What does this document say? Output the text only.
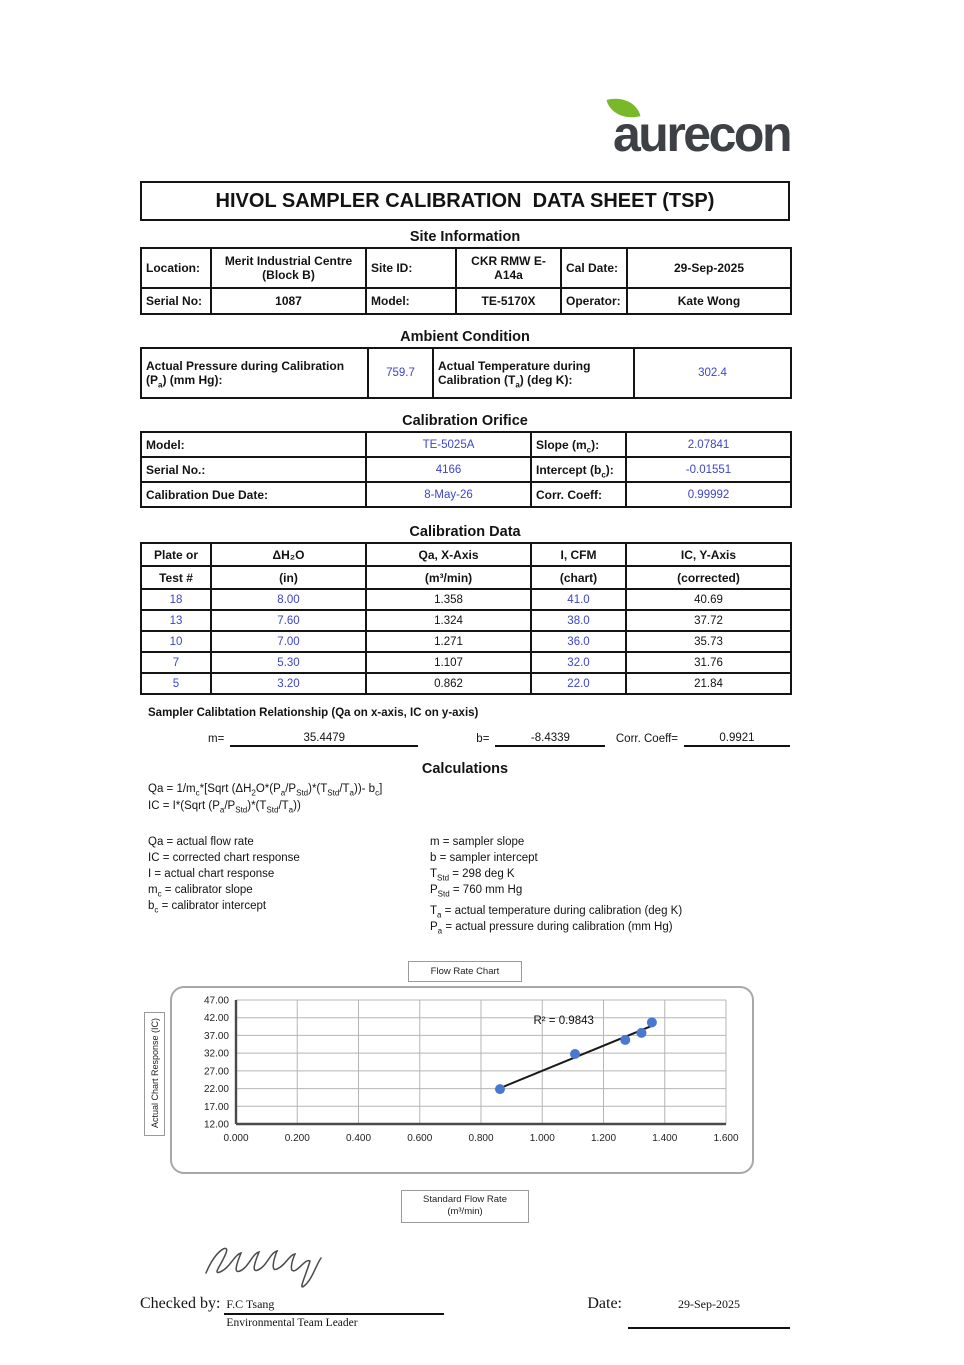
aurecon
HIVOL SAMPLER CALIBRATION  DATA SHEET (TSP)
Site Information
Location:	Merit Industrial Centre (Block B)	Site ID:	CKR RMW E-A14a	Cal Date:	29-Sep-2025
Serial No:	1087	Model:	TE-5170X	Operator:	Kate Wong
Ambient Condition
Actual Pressure during Calibration $(P_a)$ (mm Hg):	759.7	Actual Temperature during Calibration $(T_a)$ (deg K):	302.4
Calibration Orifice
Model:	TE-5025A	Slope $(m_c)$:	2.07841
Serial No.:	4166	Intercept $(b_c)$:	-0.01551
Calibration Due Date:	8-May-26	Corr. Coeff:	0.99992
Calibration Data
Plate or	ΔH₂O	Qa, X-Axis	I, CFM	IC, Y-Axis
Test #	(in)	(m³/min)	(chart)	(corrected)
18	8.00	1.358	41.0	40.69
13	7.60	1.324	38.0	37.72
10	7.00	1.271	36.0	35.73
7	5.30	1.107	32.0	31.76
5	3.20	0.862	22.0	21.84
Sampler Calibtation Relationship (Qa on x-axis, IC on y-axis)
m=	35.4479	b=	-8.4339	Corr. Coeff=	0.9921
Calculations
$Qa = 1/m_c*[Sqrt$ $(\Delta H_2O*(P_a/P_{Std})*(T_{Std}/T_a))-$ $b_c$]
IC = I*(Sqrt $(P_a/P_{Std})*(T_{Std}/T_a)$)
Qa = actual flow rate
IC = corrected chart response
I = actual chart response
$m_c$ = calibrator slope
$b_c$ = calibrator intercept
m = sampler slope
b = sampler intercept
$T_{Std} = 298$ deg K
$P_{Std} = 760$ mm Hg
$T_a$ = actual temperature during calibration (deg K)
$P_a$ = actual pressure during calibration (mm Hg)
Flow Rate Chart
Actual Chart Response (IC)	12.00
17.00
22.00
27.00
32.00
37.00
42.00
47.00
0.000	0.200	0.400	0.600	0.800	1.000	1.200	1.400	1.600
R² = 0.9843
Standard Flow Rate
(m³/min)
Checked by: F.C Tsang
Environmental Team Leader
Date:	29-Sep-2025
